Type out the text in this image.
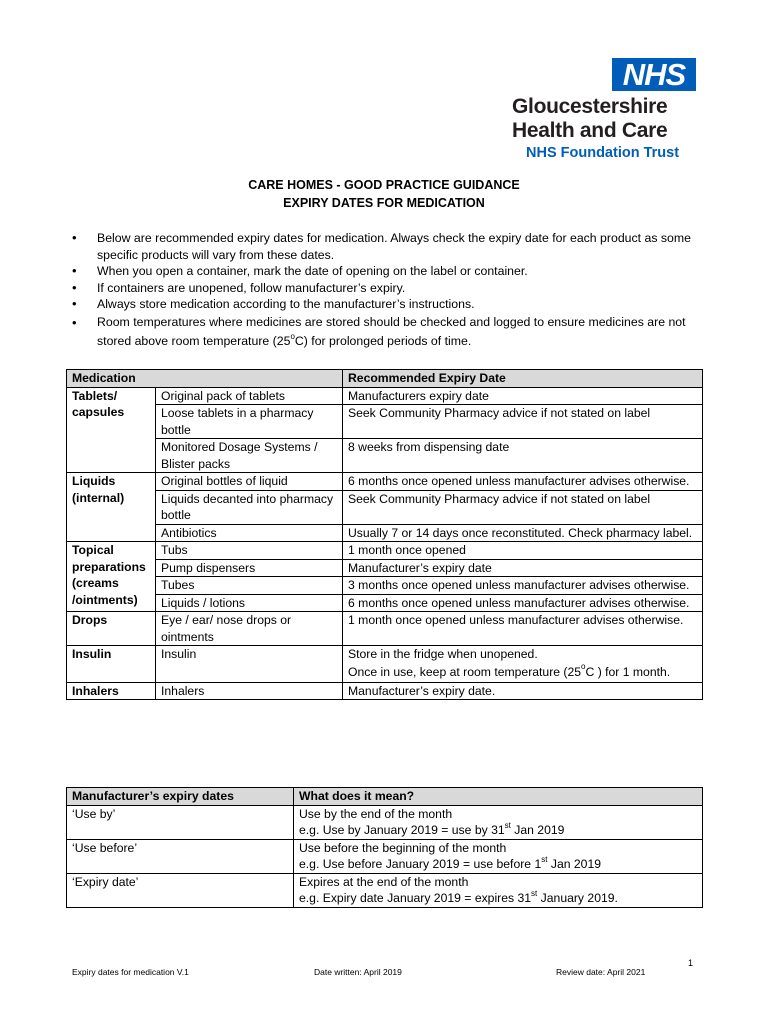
NHS
Gloucestershire
Health and Care
NHS Foundation Trust
CARE HOMES - GOOD PRACTICE GUIDANCE
EXPIRY DATES FOR MEDICATION
• Below are recommended expiry dates for medication. Always check the expiry date for each product as some specific products will vary from these dates.
• When you open a container, mark the date of opening on the label or container.
• If containers are unopened, follow manufacturer’s expiry.
• Always store medication according to the manufacturer’s instructions.
• Room temperatures where medicines are stored should be checked and logged to ensure medicines are not stored above room temperature (25$^o$C) for prolonged periods of time.
Medication		Recommended Expiry Date
Tablets/ capsules	Original pack of tablets	Manufacturers expiry date
	Loose tablets in a pharmacy bottle	Seek Community Pharmacy advice if not stated on label
	Monitored Dosage Systems / Blister packs	8 weeks from dispensing date
Liquids (internal)	Original bottles of liquid	6 months once opened unless manufacturer advises otherwise.
	Liquids decanted into pharmacy bottle	Seek Community Pharmacy advice if not stated on label
	Antibiotics	Usually 7 or 14 days once reconstituted. Check pharmacy label.
Topical preparations (creams /ointments)	Tubs	1 month once opened
	Pump dispensers	Manufacturer’s expiry date
	Tubes	3 months once opened unless manufacturer advises otherwise.
	Liquids / lotions	6 months once opened unless manufacturer advises otherwise.
Drops	Eye / ear/ nose drops or ointments	1 month once opened unless manufacturer advises otherwise.
Insulin	Insulin	Store in the fridge when unopened.
Once in use, keep at room temperature (25$^o$C ) for 1 month.

Inhalers	Inhalers	Manufacturer’s expiry date.
Manufacturer’s expiry dates	What does it mean?
‘Use by’	Use by the end of the month
e.g. Use by January 2019 = use by 31st Jan 2019

‘Use before’	Use before the beginning of the month
e.g. Use before January 2019 = use before 1st Jan 2019

‘Expiry date’	Expires at the end of the month
e.g. Expiry date January 2019 = expires 31st January 2019.
1
Expiry dates for medication V.1	Date written: April 2019	Review date: April 2021
